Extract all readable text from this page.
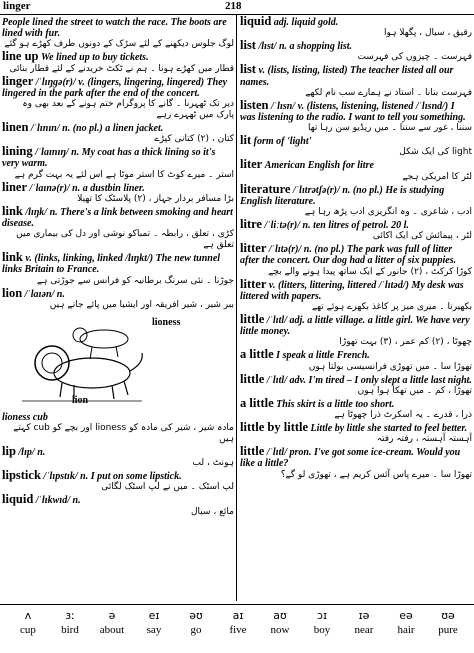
linger	218
People lined the street to watch the race. The boots are lined with fur.
لوگ جلوس دیکھنے کے لئے سڑک کے دونوں طرف کھڑے ہو گئے
line up We lined up to buy tickets.
قطار میں کھڑے ہونا ۔ ہم نے ٹکٹ خریدنے کے لئے قطار بنائی
linger /ˈlɪŋgə(r)/ v. (lingers, lingering, lingered) They lingered in the park after the end of the concert.
دیر تک ٹھہرنا ۔ گانے کا پروگرام ختم ہونے کے بعد بھی وہ پارک میں ٹھہرے رہے
linen /ˈlɪnɪn/ n. (no pl.) a linen jacket.
کتان ، (۲) کتانی کپڑے
lining /ˈlaɪnɪŋ/ n. My coat has a thick lining so it's very warm.
استر ۔ میرے کوٹ کا استر موٹا ہے اس لئے یہ بہت گرم ہے
liner /ˈlaɪnə(r)/ n. a dustbin liner.
بڑا مسافر بردار جہاز ، (۲) پلاسٹک کا تھیلا
link /lɪŋk/ n. There's a link between smoking and heart disease.
کڑی ، تعلق ، رابطہ ۔ تمباکو نوشی اور دل کی بیماری میں تعلق ہے
link v. (links, linking, linked /lɪŋkt/) The new tunnel links Britain to France.
جوڑنا ۔ نئی سرنگ برطانیہ کو فرانس سے جوڑتی ہے
lion /ˈlaɪən/ n.
ببر شیر ، شیر افریقہ اور ایشیا میں پائے جاتے ہیں
lioness
lion
lioness cub
مادہ شیر ، شیر کی مادہ کو lioness اور بچے کو cub کہتے ہیں
lip /lɪp/ n.
ہونٹ ، لب
lipstick /ˈlɪpstɪk/ n. I put on some lipstick.
لپ اسٹک ۔ میں نے لپ اسٹک لگائی
liquid /ˈlɪkwɪd/ n.
مائع ، سیال
liquid adj. liquid gold.
رقیق ، سیال ، پگھلا ہوا
list /lɪst/ n. a shopping list.
فہرست ۔ چیزوں کی فہرست
list v. (lists, listing, listed) The teacher listed all our names.
فہرست بنانا ۔ استاد نے ہمارے سب نام لکھے
listen /ˈlɪsn/ v. (listens, listening, listened /ˈlɪsnd/) I was listening to the radio. I want to tell you something.
سننا ، غور سے سننا ۔ میں ریڈیو سن رہا تھا
lit form of 'light'
light کی ایک شکل
liter American English for litre
لٹر کا امریکی ہجے
literature /ˈlɪtrətʃə(r)/ n. (no pl.) He is studying English literature.
ادب ، شاعری ۔ وہ انگریزی ادب پڑھ رہا ہے
litre /ˈliːtə(r)/ n. ten litres of petrol. 20 l.
لٹر ، پیمائش کی ایک اکائی
litter /ˈlɪtə(r)/ n. (no pl.) The park was full of litter after the concert. Our dog had a litter of six puppies.
کوڑا کرکٹ ، (۲) جانور کے ایک ساتھ پیدا ہونے والے بچے
litter v. (litters, littering, littered /ˈlɪtəd/) My desk was littered with papers.
بکھیرنا ۔ میری میز پر کاغذ بکھرے ہوئے تھے
little /ˈlɪtl/ adj. a little village. a little girl. We have very little money.
چھوٹا ، (۲) کم عمر ، (۳) بہت تھوڑا
a little I speak a little French.
تھوڑا سا ۔ میں تھوڑی فرانسیسی بولتا ہوں
little /ˈlɪtl/ adv. I'm tired – I only slept a little last night.
تھوڑا ، کم ۔ میں تھکا ہوا ہوں
a little This skirt is a little too short.
ذرا ، قدرے ۔ یہ اسکرٹ ذرا چھوٹا ہے
little by little Little by little she started to feel better.
آہستہ آہستہ ، رفتہ رفتہ
little /ˈlɪtl/ pron. I've got some ice-cream. Would you like a little?
تھوڑا سا ۔ میرے پاس آئس کریم ہے ، تھوڑی لو گے؟
ʌ
cup
ɜː
bird
ə
about
eɪ
say
əʊ
go
aɪ
five
aʊ
now
ɔɪ
boy
ɪə
near
eə
hair
ʊə
pure
